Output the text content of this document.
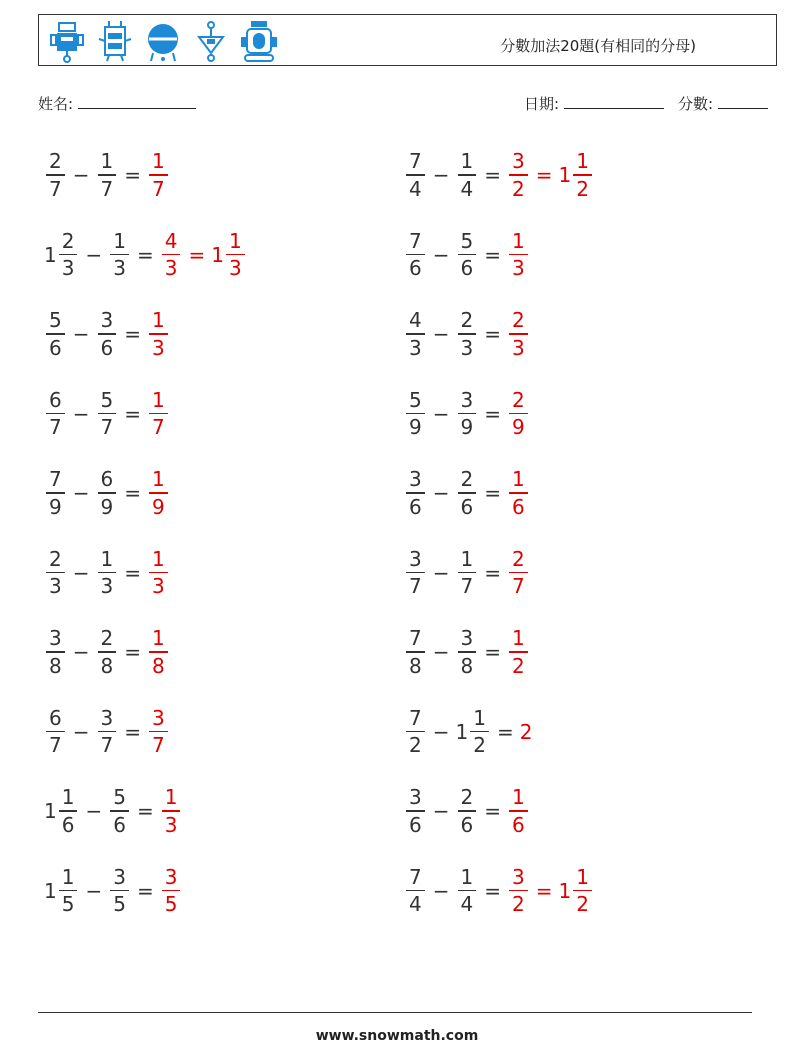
分數加法20題(有相同的分母)
姓名:	日期:	分數:
$\frac{2}{7} - \frac{1}{7} = \frac{1}{7}$	$\frac{7}{4} - \frac{1}{4} = \frac{3}{2} = 1 \frac{1}{2}$
$1 \frac{2}{3} - \frac{1}{3} = \frac{4}{3} = 1 \frac{1}{3}$	$\frac{7}{6} - \frac{5}{6} = \frac{1}{3}$
$\frac{5}{6} - \frac{3}{6} = \frac{1}{3}$	$\frac{4}{3} - \frac{2}{3} = \frac{2}{3}$
$\frac{6}{7} - \frac{5}{7} = \frac{1}{7}$	$\frac{5}{9} - \frac{3}{9} = \frac{2}{9}$
$\frac{7}{9} - \frac{6}{9} = \frac{1}{9}$	$\frac{3}{6} - \frac{2}{6} = \frac{1}{6}$
$\frac{2}{3} - \frac{1}{3} = \frac{1}{3}$	$\frac{3}{7} - \frac{1}{7} = \frac{2}{7}$
$\frac{3}{8} - \frac{2}{8} = \frac{1}{8}$	$\frac{7}{8} - \frac{3}{8} = \frac{1}{2}$
$\frac{6}{7} - \frac{3}{7} = \frac{3}{7}$	$\frac{7}{2} - 1 \frac{1}{2} = 2$
$1 \frac{1}{6} - \frac{5}{6} = \frac{1}{3}$	$\frac{3}{6} - \frac{2}{6} = \frac{1}{6}$
$1 \frac{1}{5} - \frac{3}{5} = \frac{3}{5}$	$\frac{7}{4} - \frac{1}{4} = \frac{3}{2} = 1 \frac{1}{2}$
www.snowmath.com
